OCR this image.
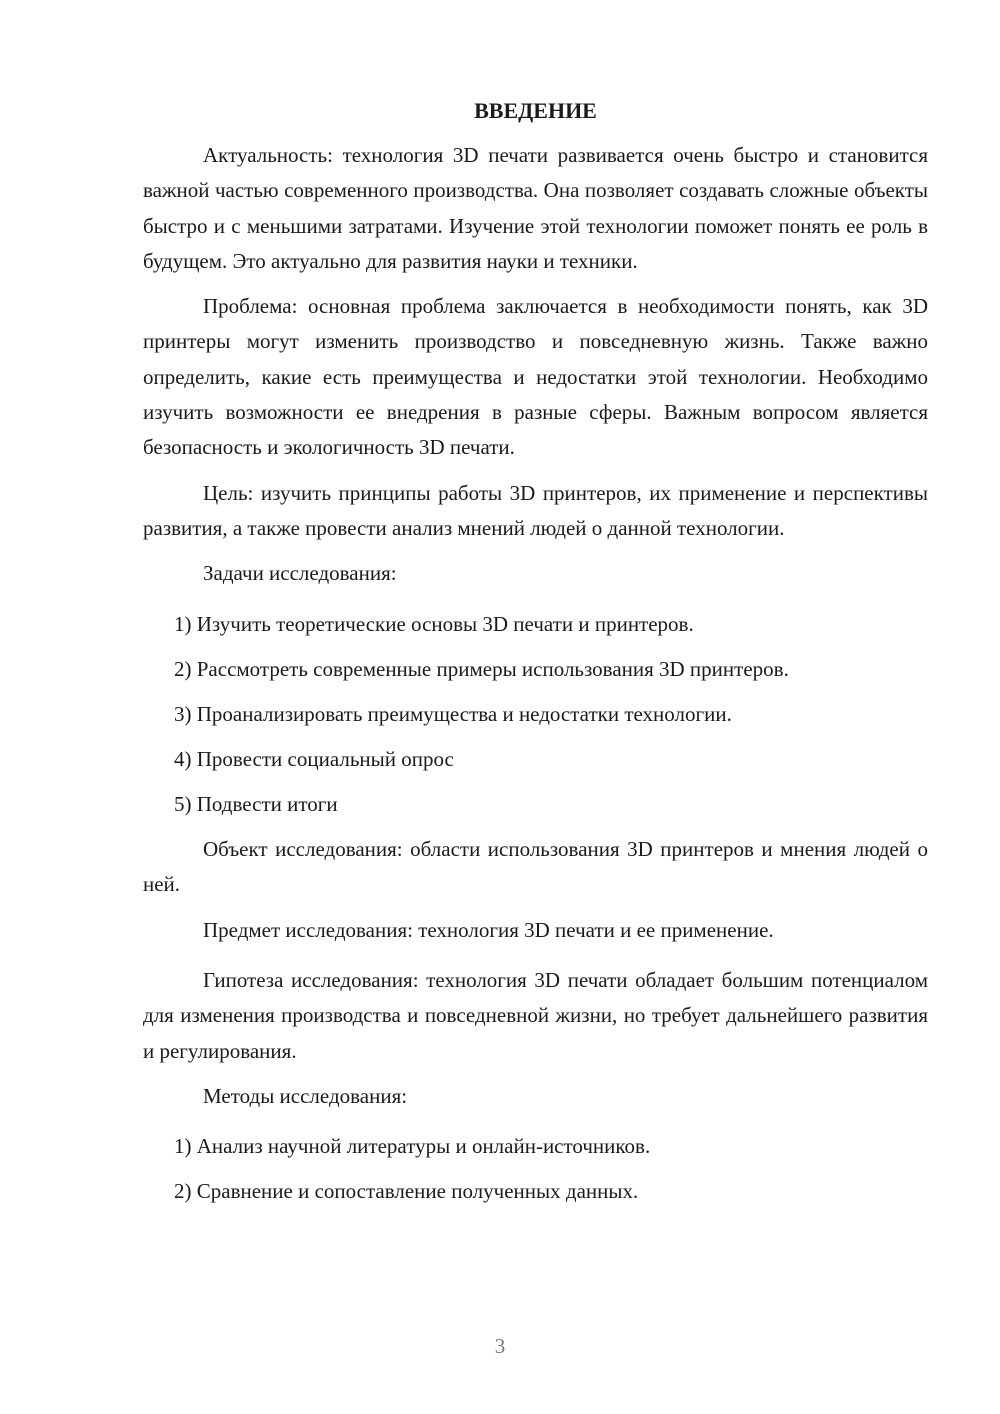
ВВЕДЕНИЕ

Актуальность: технология 3D печати развивается очень быстро и становится важной частью современного производства. Она позволяет создавать сложные объекты быстро и с меньшими затратами. Изучение этой технологии поможет понять ее роль в будущем. Это актуально для развития науки и техники.

Проблема: основная проблема заключается в необходимости понять, как 3D принтеры могут изменить производство и повседневную жизнь. Также важно определить, какие есть преимущества и недостатки этой технологии. Необходимо изучить возможности ее внедрения в разные сферы. Важным вопросом является безопасность и экологичность 3D печати.

Цель: изучить принципы работы 3D принтеров, их применение и перспективы развития, а также провести анализ мнений людей о данной технологии.

Задачи исследования:

1) Изучить теоретические основы 3D печати и принтеров.
2) Рассмотреть современные примеры использования 3D принтеров.
3) Проанализировать преимущества и недостатки технологии.
4) Провести социальный опрос
5) Подвести итоги

Объект исследования: области использования 3D принтеров и мнения людей о ней.

Предмет исследования: технология 3D печати и ее применение.

Гипотеза исследования: технология 3D печати обладает большим потенциалом для изменения производства и повседневной жизни, но требует дальнейшего развития и регулирования.

Методы исследования:

1) Анализ научной литературы и онлайн-источников.
2) Сравнение и сопоставление полученных данных.
3
